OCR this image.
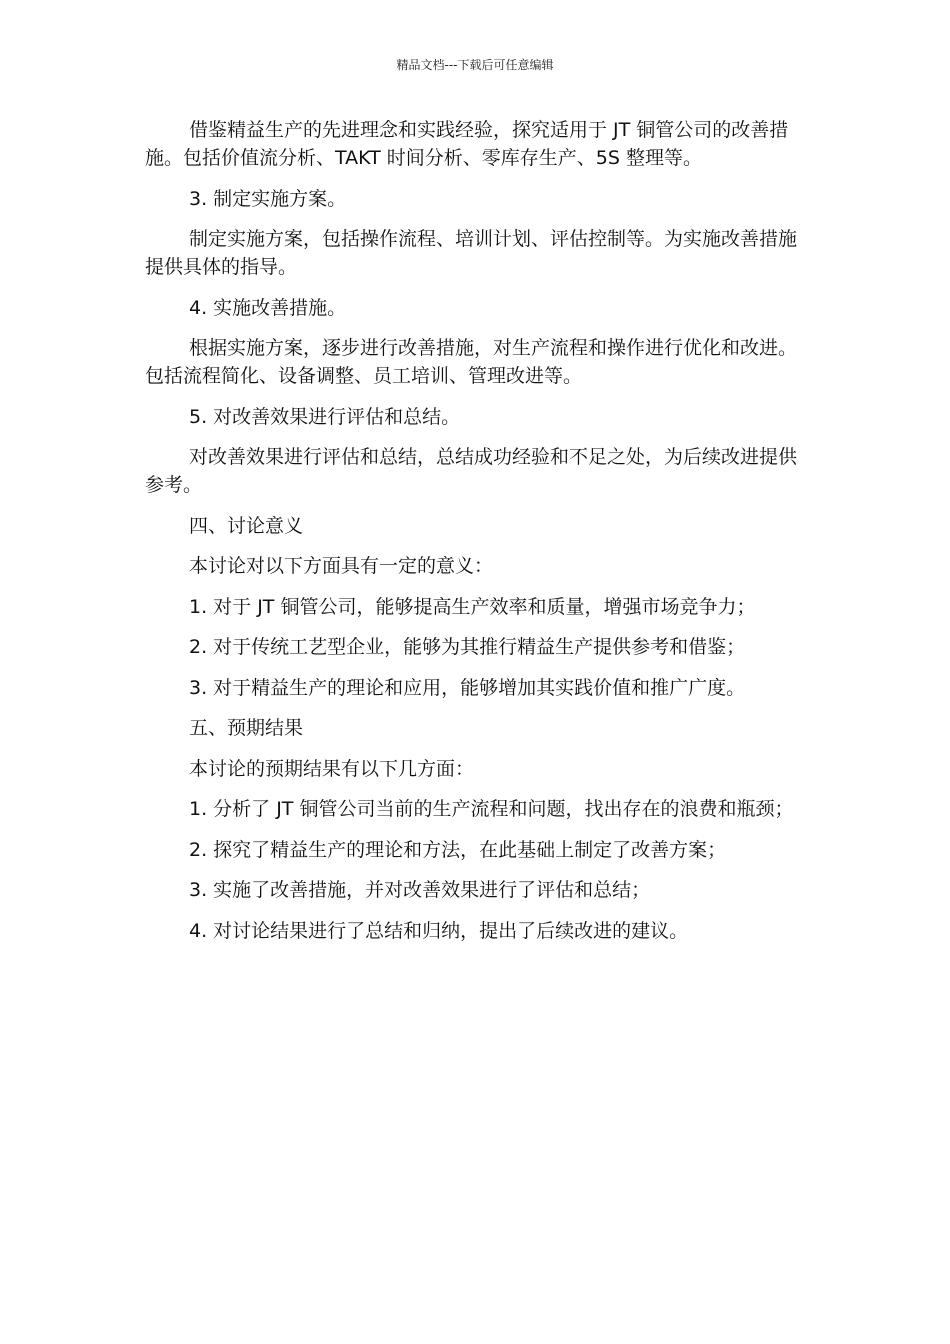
精品文档---下载后可任意编辑

借鉴精益生产的先进理念和实践经验，探究适用于 JT 铜管公司的改善措施。包括价值流分析、TAKT 时间分析、零库存生产、5S 整理等。

3. 制定实施方案。

制定实施方案，包括操作流程、培训计划、评估控制等。为实施改善措施提供具体的指导。

4. 实施改善措施。

根据实施方案，逐步进行改善措施，对生产流程和操作进行优化和改进。包括流程简化、设备调整、员工培训、管理改进等。

5. 对改善效果进行评估和总结。

对改善效果进行评估和总结，总结成功经验和不足之处，为后续改进提供参考。

四、讨论意义

本讨论对以下方面具有一定的意义：

1. 对于 JT 铜管公司，能够提高生产效率和质量，增强市场竞争力；

2. 对于传统工艺型企业，能够为其推行精益生产提供参考和借鉴；

3. 对于精益生产的理论和应用，能够增加其实践价值和推广广度。

五、预期结果

本讨论的预期结果有以下几方面：

1. 分析了 JT 铜管公司当前的生产流程和问题，找出存在的浪费和瓶颈；

2. 探究了精益生产的理论和方法，在此基础上制定了改善方案；

3. 实施了改善措施，并对改善效果进行了评估和总结；

4. 对讨论结果进行了总结和归纳，提出了后续改进的建议。
